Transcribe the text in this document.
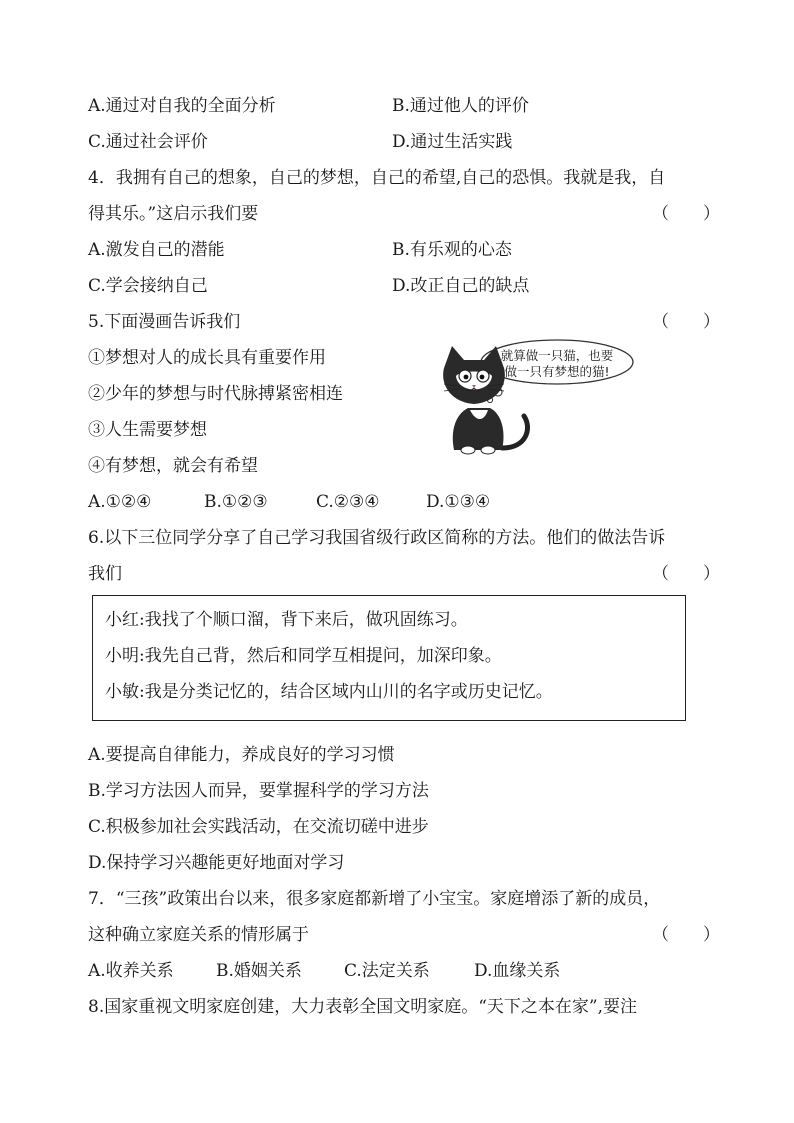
A.通过对自我的全面分析	B.通过他人的评价
C.通过社会评价	D.通过生活实践
4．我拥有自己的想象，自己的梦想，自己的希望,自己的恐惧。我就是我，自
得其乐。”这启示我们要	（　　）
A.激发自己的潜能	B.有乐观的心态
C.学会接纳自己	D.改正自己的缺点
5.下面漫画告诉我们	（　　）
①梦想对人的成长具有重要作用
②少年的梦想与时代脉搏紧密相连
③人生需要梦想
④有梦想，就会有希望
A.①②④	B.①②③	C.②③④	D.①③④
就算做一只猫，也要
做一只有梦想的猫!
6.以下三位同学分享了自己学习我国省级行政区简称的方法。他们的做法告诉
我们	（　　）
小红:我找了个顺口溜，背下来后，做巩固练习。
小明:我先自己背，然后和同学互相提问，加深印象。
小敏:我是分类记忆的，结合区域内山川的名字或历史记忆。
A.要提高自律能力，养成良好的学习习惯
B.学习方法因人而异，要掌握科学的学习方法
C.积极参加社会实践活动，在交流切磋中进步
D.保持学习兴趣能更好地面对学习
7．“三孩”政策出台以来，很多家庭都新增了小宝宝。家庭增添了新的成员，
这种确立家庭关系的情形属于	（　　）
A.收养关系 B.婚姻关系 C.法定关系	D.血缘关系
8.国家重视文明家庭创建，大力表彰全国文明家庭。“天下之本在家”,要注
